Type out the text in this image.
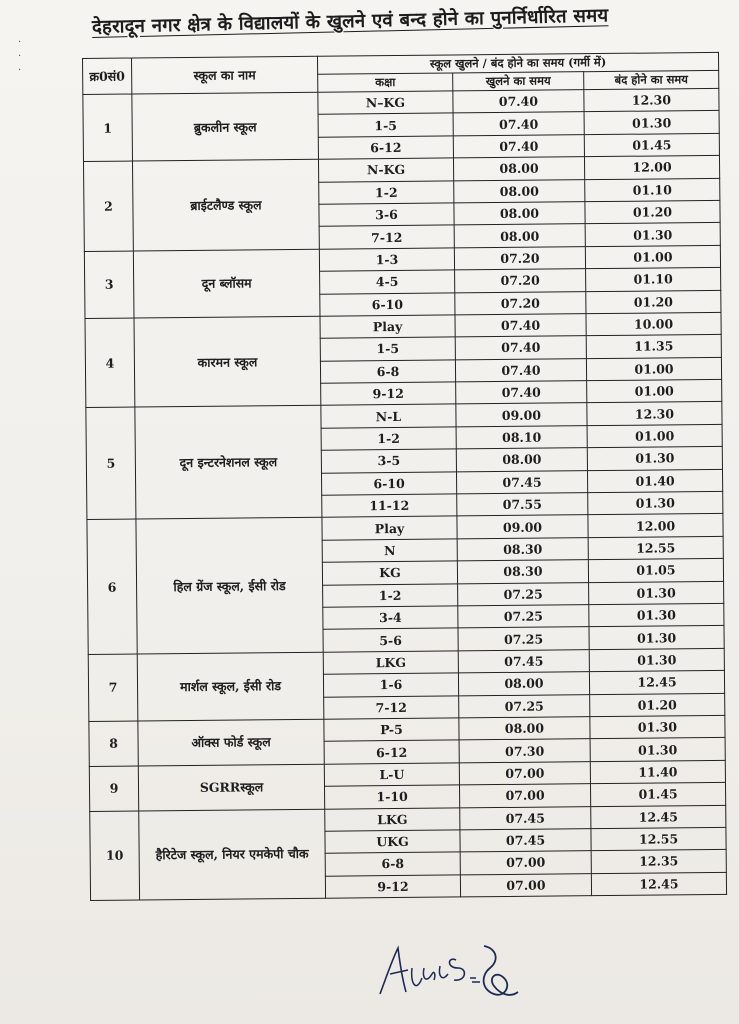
·
·
·
देहरादून नगर क्षेत्र के विद्यालयों के खुलने एवं बन्द होने का पुनर्निर्धारित समय
क्र0सं0	स्कूल का नाम	स्कूल खुलने / बंद होने का समय (गर्मी में)		
		कक्षा	खुलने का समय	बंद होने का समय
1	ब्रुकलीन स्कूल	N–KG	07.40	12.30
		1-5	07.40	01.30
		6-12	07.40	01.45
2	ब्राईटलैण्ड स्कूल	N-KG	08.00	12.00
		1-2	08.00	01.10
		3-6	08.00	01.20
		7-12	08.00	01.30
3	दून ब्लॉसम	1-3	07.20	01.00
		4-5	07.20	01.10
		6-10	07.20	01.20
4	कारमन स्कूल	Play	07.40	10.00
		1-5	07.40	11.35
		6-8	07.40	01.00
		9-12	07.40	01.00
5	दून इन्टरनेशनल स्कूल	N-L	09.00	12.30
		1-2	08.10	01.00
		3-5	08.00	01.30
		6-10	07.45	01.40
		11-12	07.55	01.30
6	हिल ग्रेंज स्कूल, ईसी रोड	Play	09.00	12.00
		N	08.30	12.55
		KG	08.30	01.05
		1-2	07.25	01.30
		3-4	07.25	01.30
		5-6	07.25	01.30
7	मार्शल स्कूल, ईसी रोड	LKG	07.45	01.30
		1-6	08.00	12.45
		7-12	07.25	01.20
8	ऑक्स फोर्ड स्कूल	P-5	08.00	01.30
		6-12	07.30	01.30
9	SGRRस्कूल	L-U	07.00	11.40
		1-10	07.00	01.45
10	हैरिटेज स्कूल, नियर एमकेपी चौक	LKG	07.45	12.45
		UKG	07.45	12.55
		6-8	07.00	12.35
		9-12	07.00	12.45
